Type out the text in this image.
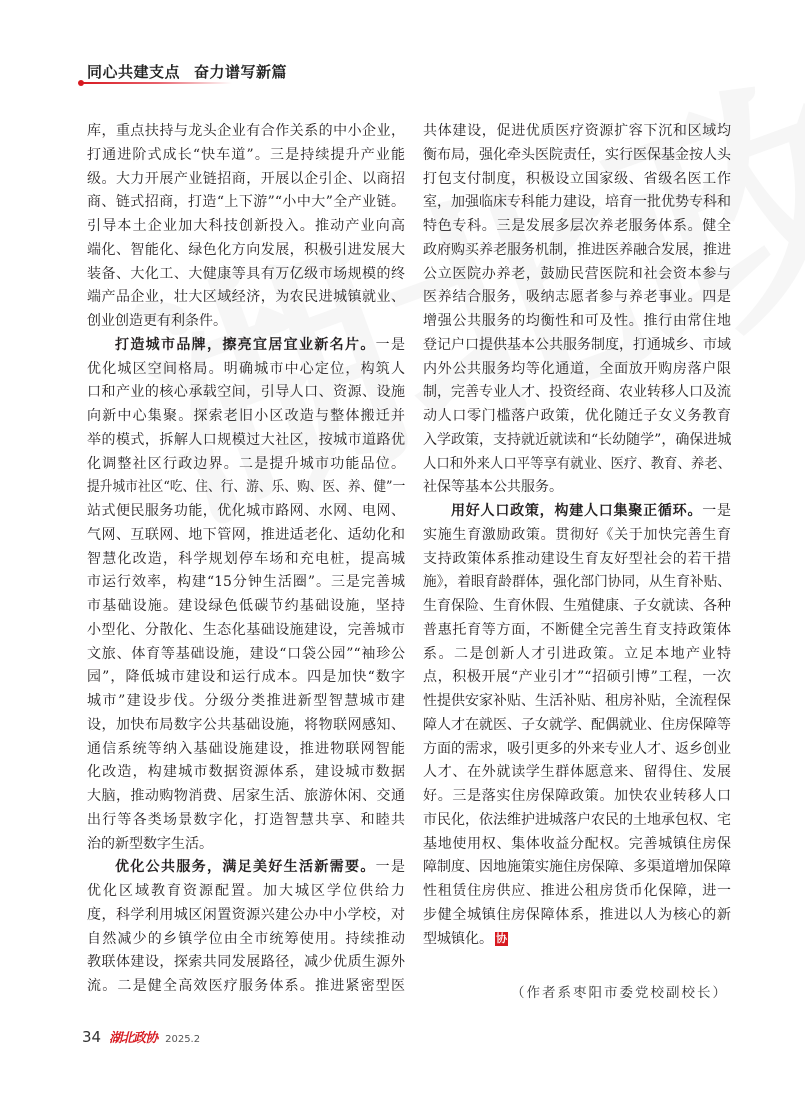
同心共建支点 奋力谱写新篇
库，重点扶持与龙头企业有合作关系的中小企业，
打通进阶式成长“快车道”。三是持续提升产业能
级。大力开展产业链招商，开展以企引企、以商招
商、链式招商，打造“上下游”“小中大”全产业链。
引导本土企业加大科技创新投入。推动产业向高
端化、智能化、绿色化方向发展，积极引进发展大
装备、大化工、大健康等具有万亿级市场规模的终
端产品企业，壮大区域经济，为农民进城镇就业、
创业创造更有利条件。
打造城市品牌，擦亮宜居宜业新名片。一是
优化城区空间格局。明确城市中心定位，构筑人
口和产业的核心承载空间，引导人口、资源、设施
向新中心集聚。探索老旧小区改造与整体搬迁并
举的模式，拆解人口规模过大社区，按城市道路优
化调整社区行政边界。二是提升城市功能品位。
提升城市社区“吃、住、行、游、乐、购、医、养、健”一
站式便民服务功能，优化城市路网、水网、电网、
气网、互联网、地下管网，推进适老化、适幼化和
智慧化改造，科学规划停车场和充电桩，提高城
市运行效率，构建“15分钟生活圈”。三是完善城
市基础设施。建设绿色低碳节约基础设施，坚持
小型化、分散化、生态化基础设施建设，完善城市
文旅、体育等基础设施，建设“口袋公园”“袖珍公
园”，降低城市建设和运行成本。四是加快“数字
城市”建设步伐。分级分类推进新型智慧城市建
设，加快布局数字公共基础设施，将物联网感知、
通信系统等纳入基础设施建设，推进物联网智能
化改造，构建城市数据资源体系，建设城市数据
大脑，推动购物消费、居家生活、旅游休闲、交通
出行等各类场景数字化，打造智慧共享、和睦共
治的新型数字生活。
优化公共服务，满足美好生活新需要。一是
优化区域教育资源配置。加大城区学位供给力
度，科学利用城区闲置资源兴建公办中小学校，对
自然减少的乡镇学位由全市统筹使用。持续推动
教联体建设，探索共同发展路径，减少优质生源外
流。二是健全高效医疗服务体系。推进紧密型医
共体建设，促进优质医疗资源扩容下沉和区域均
衡布局，强化牵头医院责任，实行医保基金按人头
打包支付制度，积极设立国家级、省级名医工作
室，加强临床专科能力建设，培育一批优势专科和
特色专科。三是发展多层次养老服务体系。健全
政府购买养老服务机制，推进医养融合发展，推进
公立医院办养老，鼓励民营医院和社会资本参与
医养结合服务，吸纳志愿者参与养老事业。四是
增强公共服务的均衡性和可及性。推行由常住地
登记户口提供基本公共服务制度，打通城乡、市域
内外公共服务均等化通道，全面放开购房落户限
制，完善专业人才、投资经商、农业转移人口及流
动人口零门槛落户政策，优化随迁子女义务教育
入学政策，支持就近就读和“长幼随学”，确保进城
人口和外来人口平等享有就业、医疗、教育、养老、
社保等基本公共服务。
用好人口政策，构建人口集聚正循环。一是
实施生育激励政策。贯彻好《关于加快完善生育
支持政策体系推动建设生育友好型社会的若干措
施》，着眼育龄群体，强化部门协同，从生育补贴、
生育保险、生育休假、生殖健康、子女就读、各种
普惠托育等方面，不断健全完善生育支持政策体
系。二是创新人才引进政策。立足本地产业特
点，积极开展“产业引才”“招硕引博”工程，一次
性提供安家补贴、生活补贴、租房补贴，全流程保
障人才在就医、子女就学、配偶就业、住房保障等
方面的需求，吸引更多的外来专业人才、返乡创业
人才、在外就读学生群体愿意来、留得住、发展
好。三是落实住房保障政策。加快农业转移人口
市民化，依法维护进城落户农民的土地承包权、宅
基地使用权、集体收益分配权。完善城镇住房保
障制度、因地施策实施住房保障、多渠道增加保障
性租赁住房供应、推进公租房货币化保障，进一
步健全城镇住房保障体系，推进以人为核心的新
型城镇化。 协
（作者系枣阳市委党校副校长）
34 湖北政协 2025.2
